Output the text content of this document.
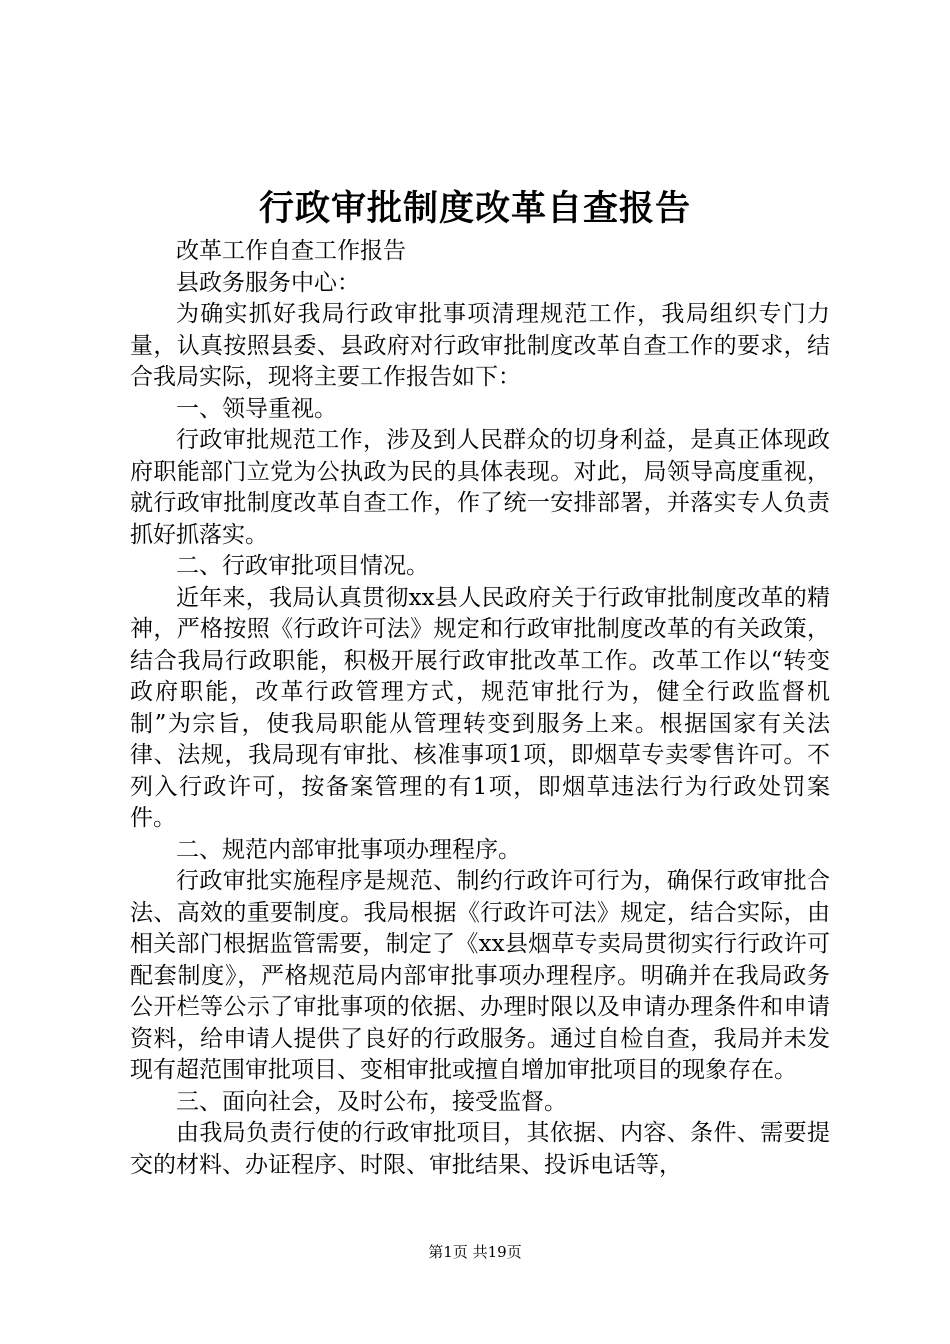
行政审批制度改革自查报告

改革工作自查工作报告

县政务服务中心：

为确实抓好我局行政审批事项清理规范工作，我局组织专门力量，认真按照县委、县政府对行政审批制度改革自查工作的要求，结合我局实际，现将主要工作报告如下：

一、领导重视。

行政审批规范工作，涉及到人民群众的切身利益，是真正体现政府职能部门立党为公执政为民的具体表现。对此，局领导高度重视，就行政审批制度改革自查工作，作了统一安排部署，并落实专人负责抓好抓落实。

二、行政审批项目情况。

近年来，我局认真贯彻xx县人民政府关于行政审批制度改革的精神，严格按照《行政许可法》规定和行政审批制度改革的有关政策，结合我局行政职能，积极开展行政审批改革工作。改革工作以“转变政府职能，改革行政管理方式，规范审批行为，健全行政监督机制”为宗旨，使我局职能从管理转变到服务上来。根据国家有关法律、法规，我局现有审批、核准事项1项，即烟草专卖零售许可。不列入行政许可，按备案管理的有1项，即烟草违法行为行政处罚案件。

二、规范内部审批事项办理程序。

行政审批实施程序是规范、制约行政许可行为，确保行政审批合法、高效的重要制度。我局根据《行政许可法》规定，结合实际，由相关部门根据监管需要，制定了《xx县烟草专卖局贯彻实行行政许可配套制度》，严格规范局内部审批事项办理程序。明确并在我局政务公开栏等公示了审批事项的依据、办理时限以及申请办理条件和申请资料，给申请人提供了良好的行政服务。通过自检自查，我局并未发现有超范围审批项目、变相审批或擅自增加审批项目的现象存在。

三、面向社会，及时公布，接受监督。

由我局负责行使的行政审批项目，其依据、内容、条件、需要提交的材料、办证程序、时限、审批结果、投诉电话等，

第1页 共19页
